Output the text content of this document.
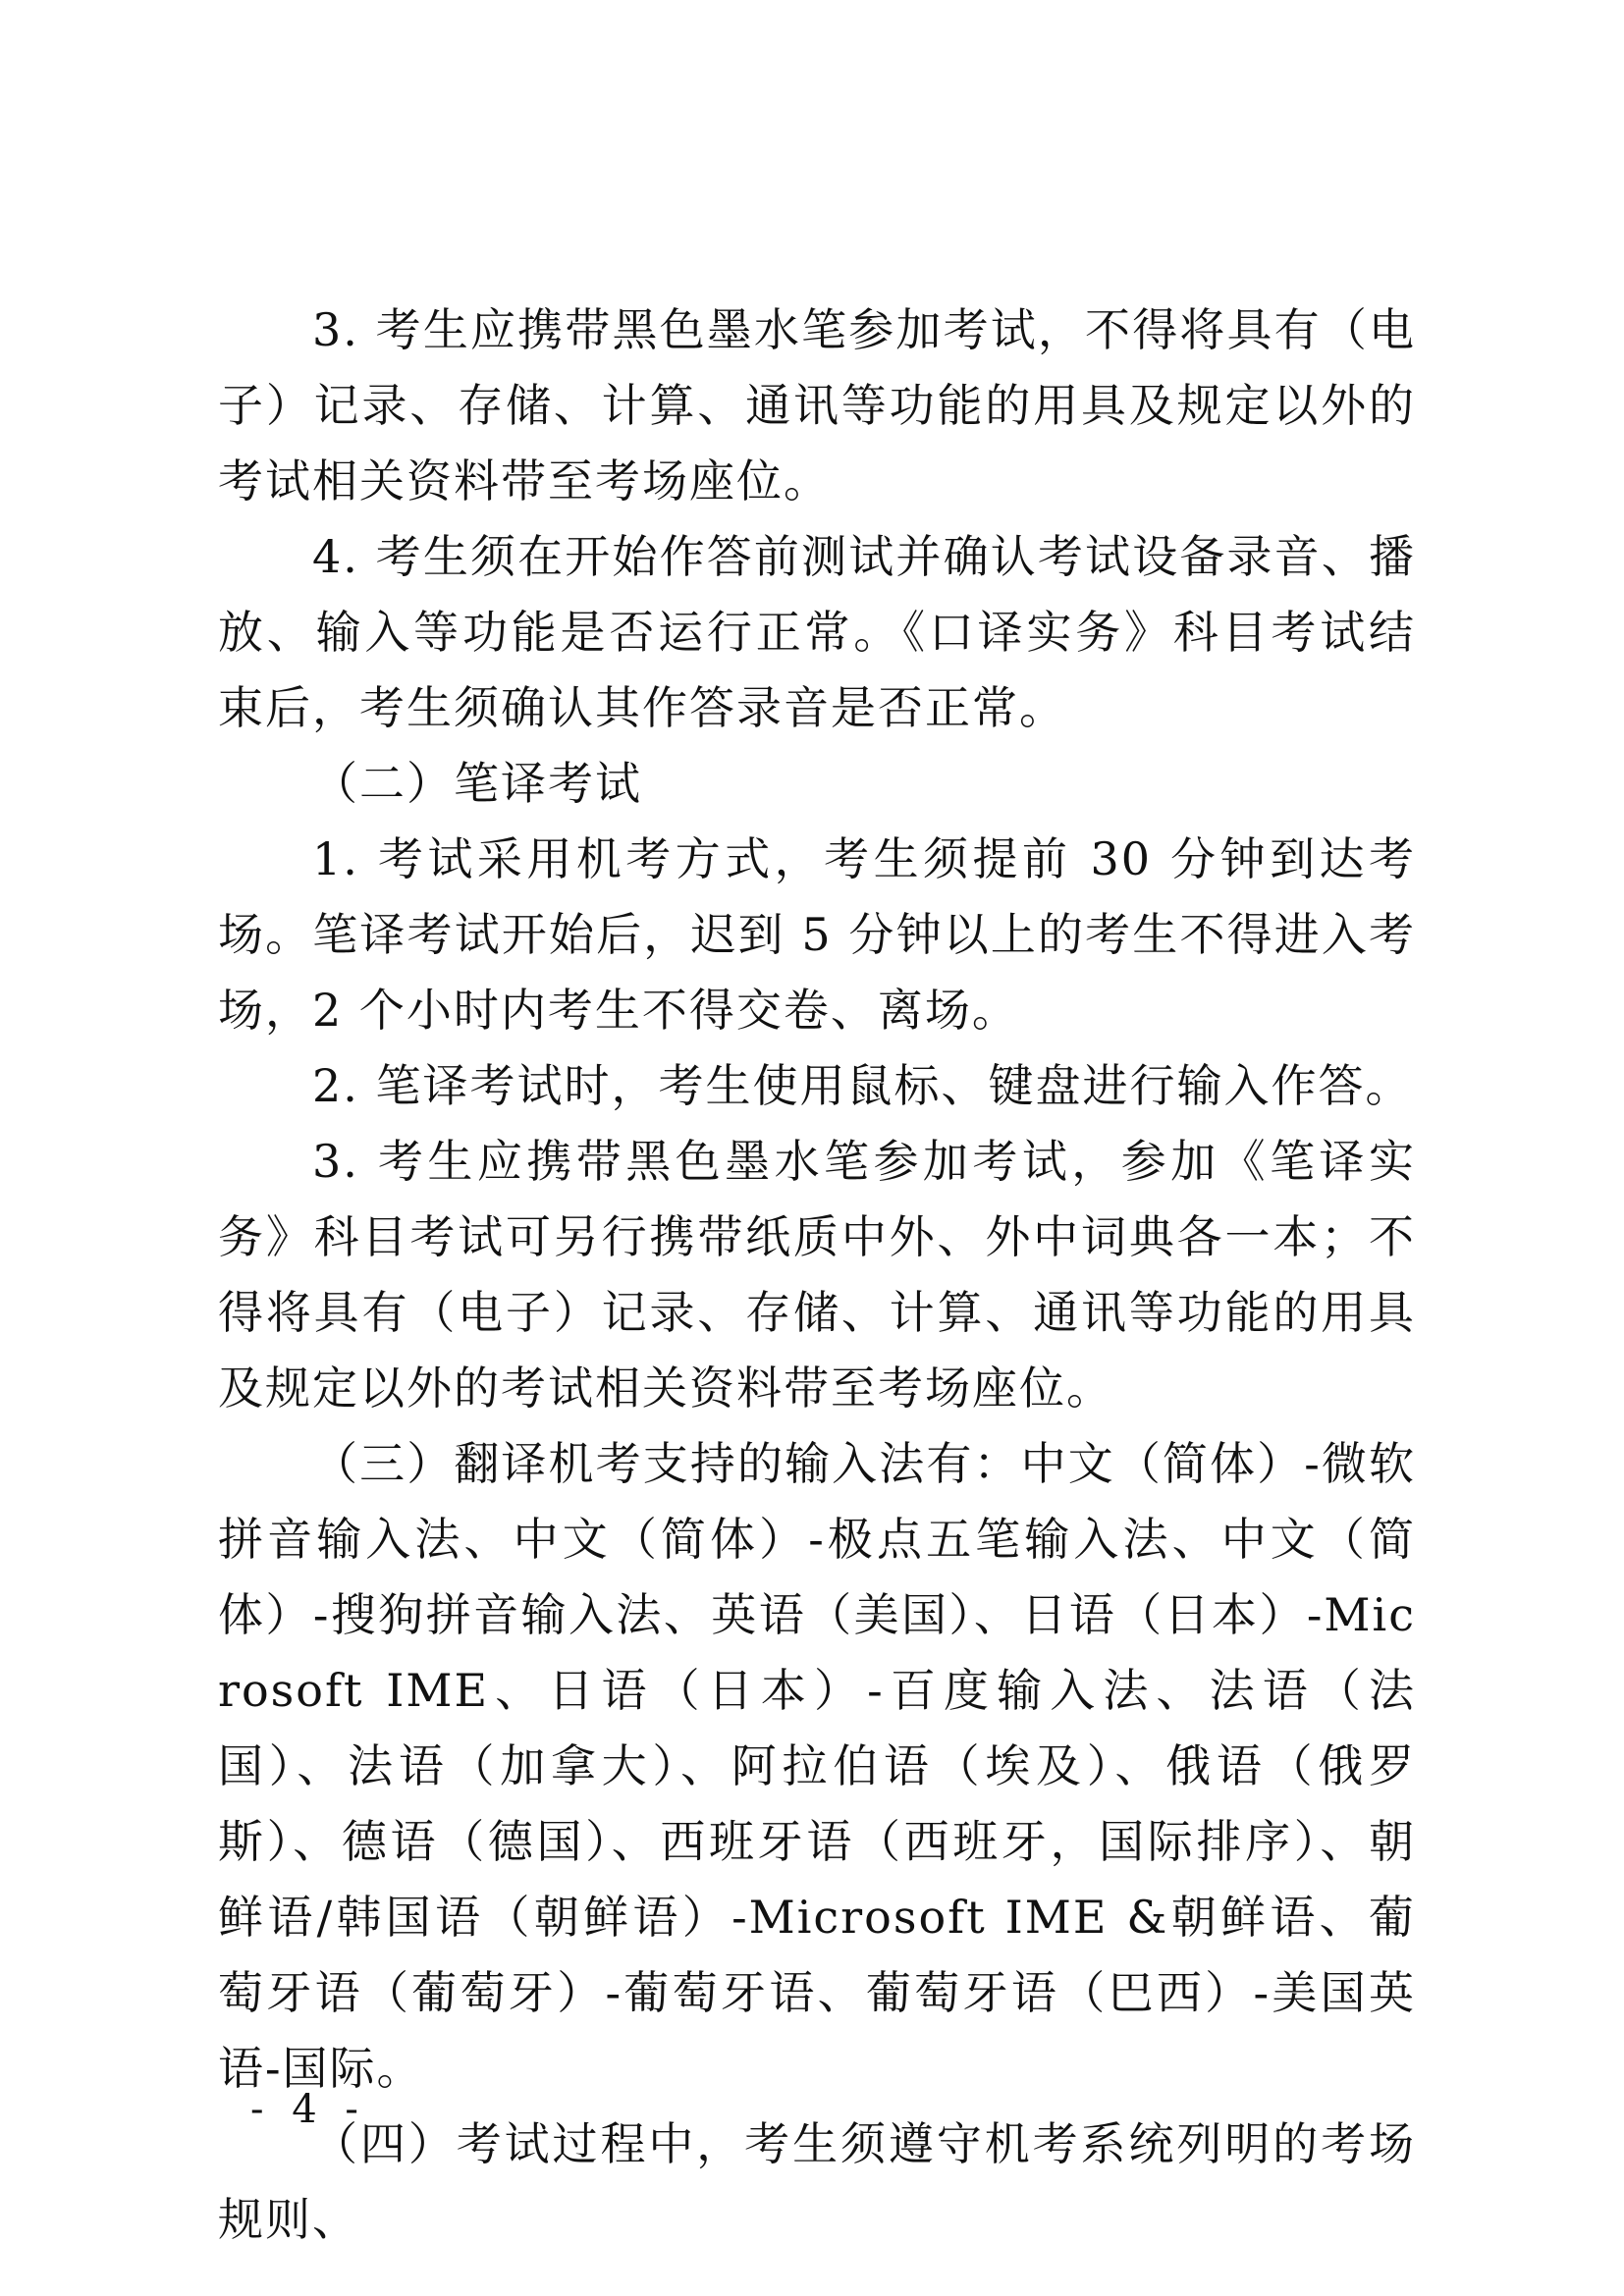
3. 考生应携带黑色墨水笔参加考试，不得将具有（电子）记录、存储、计算、通讯等功能的用具及规定以外的考试相关资料带至考场座位。

4. 考生须在开始作答前测试并确认考试设备录音、播放、输入等功能是否运行正常。《口译实务》科目考试结束后，考生须确认其作答录音是否正常。

（二）笔译考试

1. 考试采用机考方式，考生须提前 30 分钟到达考场。笔译考试开始后，迟到 5 分钟以上的考生不得进入考场，2 个小时内考生不得交卷、离场。

2. 笔译考试时，考生使用鼠标、键盘进行输入作答。

3. 考生应携带黑色墨水笔参加考试，参加《笔译实务》科目考试可另行携带纸质中外、外中词典各一本；不得将具有（电子）记录、存储、计算、通讯等功能的用具及规定以外的考试相关资料带至考场座位。

（三）翻译机考支持的输入法有：中文（简体）-微软拼音输入法、中文（简体）-极点五笔输入法、中文（简体）-搜狗拼音输入法、英语（美国）、日语（日本）-Microsoft IME、日语（日本）-百度输入法、法语（法国）、法语（加拿大）、阿拉伯语（埃及）、俄语（俄罗斯）、德语（德国）、西班牙语（西班牙，国际排序）、朝鲜语/韩国语（朝鲜语）-Microsoft IME &朝鲜语、葡萄牙语（葡萄牙）-葡萄牙语、葡萄牙语（巴西）-美国英语-国际。

（四）考试过程中，考生须遵守机考系统列明的考场规则、

- 4 -
